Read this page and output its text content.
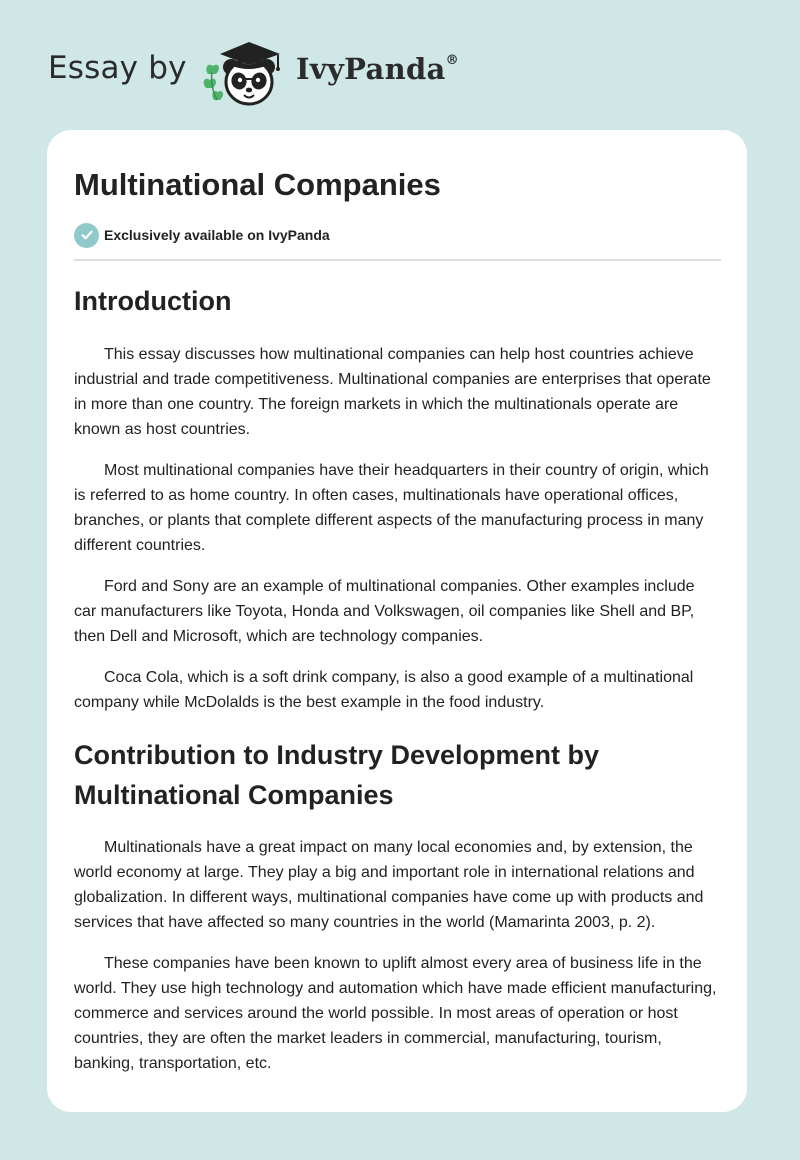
Essay by	IvyPanda®
Multinational Companies
Exclusively available on IvyPanda
Introduction

This essay discusses how multinational companies can help host countries achieve industrial and trade competitiveness. Multinational companies are enterprises that operate in more than one country. The foreign markets in which the multinationals operate are known as host countries.

Most multinational companies have their headquarters in their country of origin, which is referred to as home country. In often cases, multinationals have operational offices, branches, or plants that complete different aspects of the manufacturing process in many different countries.

Ford and Sony are an example of multinational companies. Other examples include car manufacturers like Toyota, Honda and Volkswagen, oil companies like Shell and BP, then Dell and Microsoft, which are technology companies.

Coca Cola, which is a soft drink company, is also a good example of a multinational company while McDolalds is the best example in the food industry.

Contribution to Industry Development by Multinational Companies

Multinationals have a great impact on many local economies and, by extension, the world economy at large. They play a big and important role in international relations and globalization. In different ways, multinational companies have come up with products and services that have affected so many countries in the world (Mamarinta 2003, p. 2).

These companies have been known to uplift almost every area of business life in the world. They use high technology and automation which have made efficient manufacturing, commerce and services around the world possible. In most areas of operation or host countries, they are often the market leaders in commercial, manufacturing, tourism, banking, transportation, etc.
